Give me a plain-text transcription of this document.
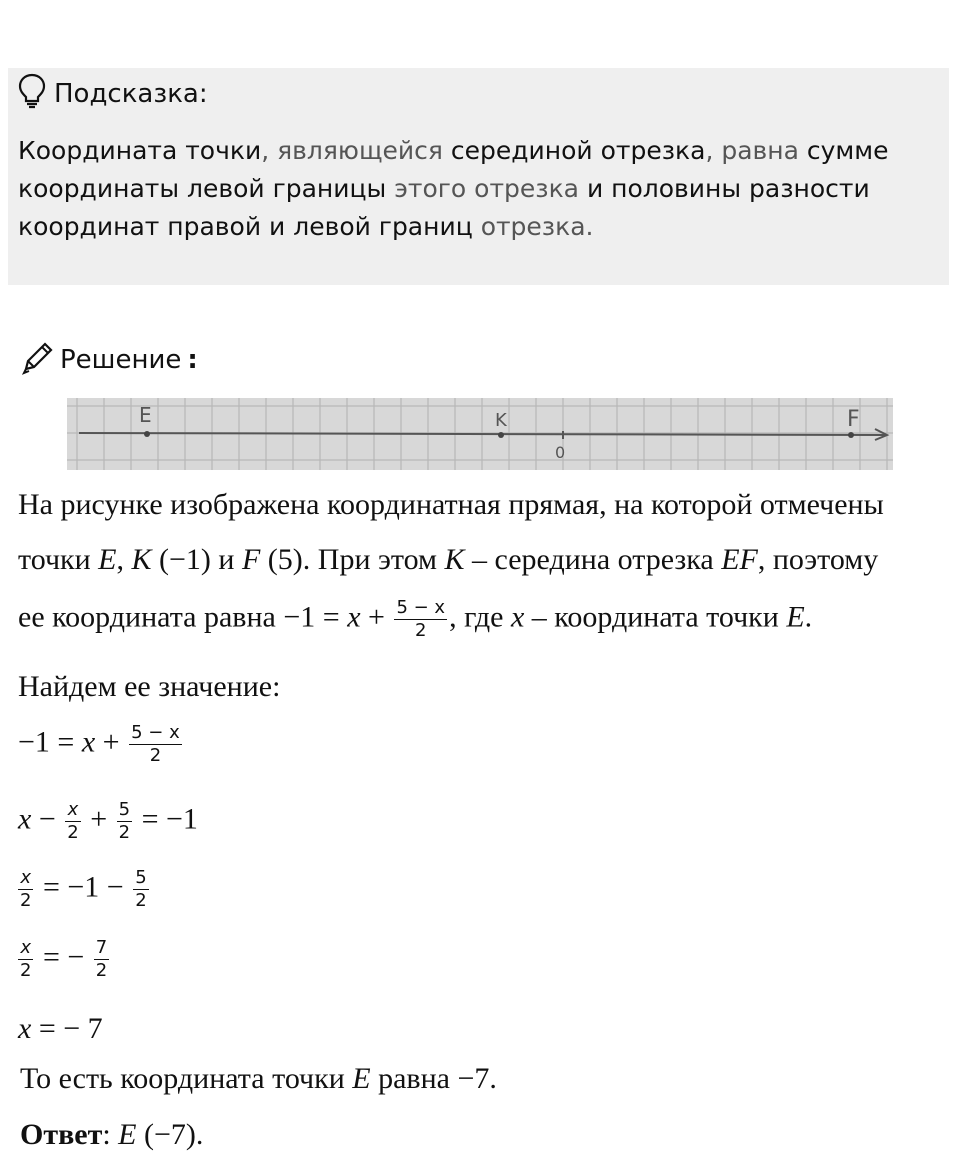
Подсказка:
Координата точки, являющейся серединой отрезка, равна сумме координаты левой границы этого отрезка и половины разности координат правой и левой границ отрезка.
Решение :
E	K	F
0
На рисунке изображена координатная прямая, на которой отмечены
точки E, K (−1) и F (5). При этом K – середина отрезка EF, поэтому
ее координата равна $-1 = x + \frac{5 - x}{2}$ , где x – координата точки E.
Найдем ее значение:
$-1 = x + \frac{5 - x}{2}$
$x - \frac{x}{2} + \frac{5}{2} = -1$
$\frac{x}{2} = -1 - \frac{5}{2}$
$\frac{x}{2}$ = − $\frac{7}{2}$
x = − 7
То есть координата точки E равна −7.
Ответ: E (−7).
